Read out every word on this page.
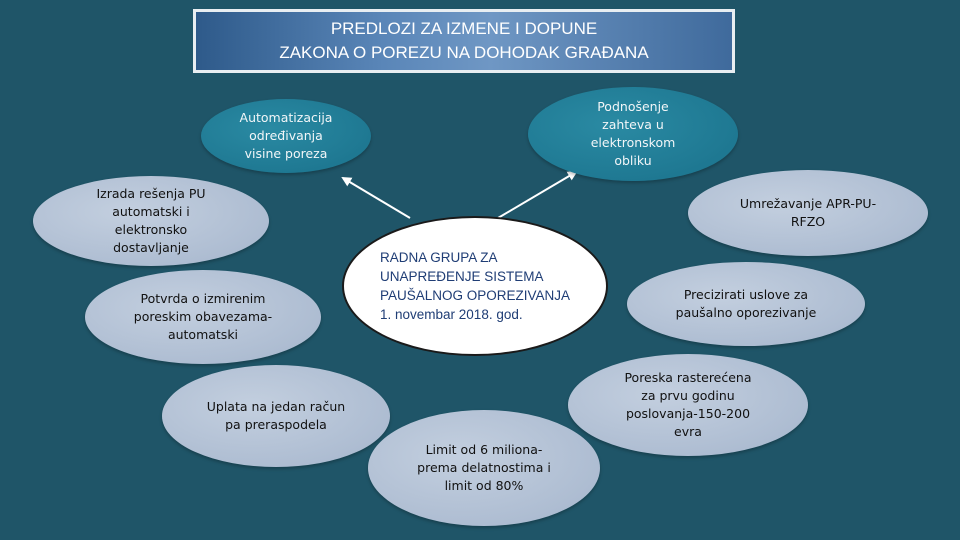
PREDLOZI ZA IZMENE I DOPUNE
ZAKONA O POREZU NA DOHODAK GRAĐANA
Automatizacija
određivanja
visine poreza
Podnošenje
zahteva u
elektronskom
obliku
Izrada rešenja PU
automatski i
elektronsko
dostavljanje
Umrežavanje APR-PU-
RFZO
RADNA GRUPA ZA
UNAPREĐENJE SISTEMA
PAUŠALNOG OPOREZIVANJA
1. novembar 2018. god.
Potvrda o izmirenim
poreskim obavezama-
automatski
Precizirati uslove za
paušalno oporezivanje
Uplata na jedan račun
pa preraspodela
Poreska rasterećena
za prvu godinu
poslovanja-150-200
evra
Limit od 6 miliona-
prema delatnostima i
limit od 80%
